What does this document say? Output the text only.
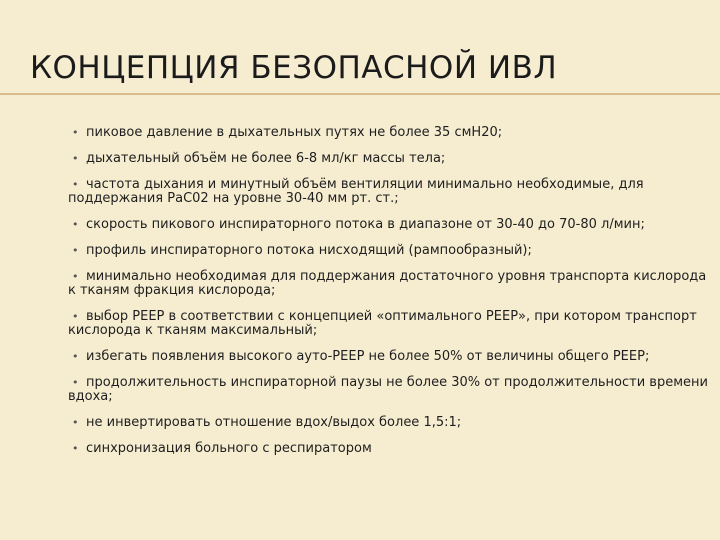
КОНЦЕПЦИЯ БЕЗОПАСНОЙ ИВЛ
•пиковое давление в дыхательных путях не более 35 смН20;
•дыхательный объём не более 6-8 мл/кг массы тела;
•частота дыхания и минутный объём вентиляции минимально необходимые, для поддержания РаС02 на уровне 30-40 мм рт. ст.;
•скорость пикового инспираторного потока в диапазоне от 30-40 до 70-80 л/мин;
•профиль инспираторного потока нисходящий (рампообразный);
•минимально необходимая для поддержания достаточного уровня транспорта кислорода к тканям фракция кислорода;
•выбор РЕЕР в соответствии с концепцией «оптимального РЕЕР», при котором транспорт кислорода к тканям максимальный;
•избегать появления высокого ауто-РЕЕР не более 50% от величины общего РЕЕР;
•продолжительность инспираторной паузы не более 30% от продолжительности времени вдоха;
•не инвертировать отношение вдох/выдох более 1,5:1;
•синхронизация больного с респиратором
